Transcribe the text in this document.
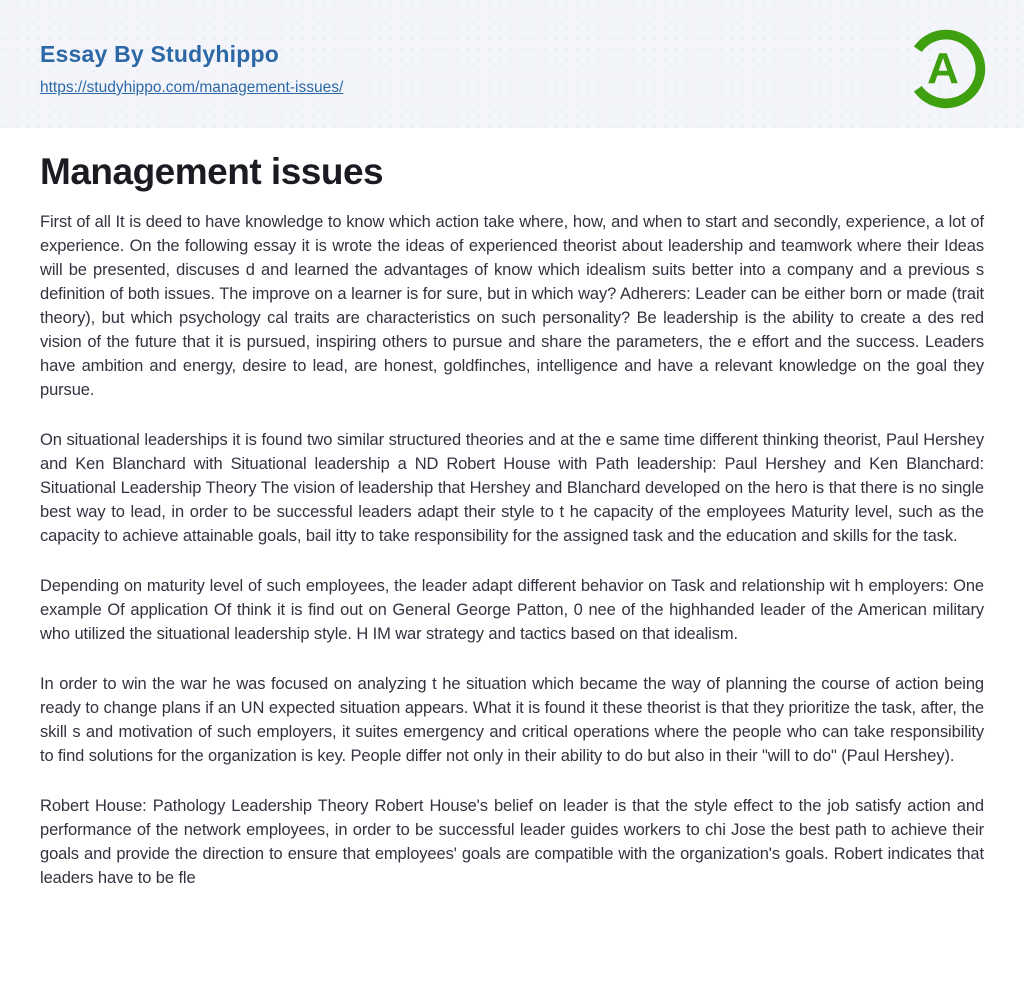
Essay By Studyhippo
https://studyhippo.com/management-issues/	A
Management issues

First of all It is deed to have knowledge to know which action take where, how, and when to start and secondly, experience, a lot of experience. On the following essay it is wrote the ideas of experienced theorist about leadership and teamwork where their Ideas will be presented, discuses d and learned the advantages of know which idealism suits better into a company and a previous s definition of both issues. The improve on a learner is for sure, but in which way? Adherers: Leader can be either born or made (trait theory), but which psychology cal traits are characteristics on such personality? Be leadership is the ability to create a des red vision of the future that it is pursued, inspiring others to pursue and share the parameters, the e effort and the success. Leaders have ambition and energy, desire to lead, are honest, goldfinches, intelligence and have a relevant knowledge on the goal they pursue.

On situational leaderships it is found two similar structured theories and at the e same time different thinking theorist, Paul Hershey and Ken Blanchard with Situational leadership a ND Robert House with Path leadership: Paul Hershey and Ken Blanchard: Situational Leadership Theory The vision of leadership that Hershey and Blanchard developed on the hero is that there is no single best way to lead, in order to be successful leaders adapt their style to t he capacity of the employees Maturity level, such as the capacity to achieve attainable goals, bail itty to take responsibility for the assigned task and the education and skills for the task.

Depending on maturity level of such employees, the leader adapt different behavior on Task and relationship wit h employers: One example Of application Of think it is find out on General George Patton, 0 nee of the highhanded leader of the American military who utilized the situational leadership style. H IM war strategy and tactics based on that idealism.

In order to win the war he was focused on analyzing t he situation which became the way of planning the course of action being ready to change plans if an UN expected situation appears. What it is found it these theorist is that they prioritize the task, after, the skill s and motivation of such employers, it suites emergency and critical operations where the people who can take responsibility to find solutions for the organization is key. People differ not only in their ability to do but also in their "will to do" (Paul Hershey).

Robert House: Pathology Leadership Theory Robert House's belief on leader is that the style effect to the job satisfy action and performance of the network employees, in order to be successful leader guides workers to chi Jose the best path to achieve their goals and provide the direction to ensure that employees' goals are compatible with the organization's goals. Robert indicates that leaders have to be fle
